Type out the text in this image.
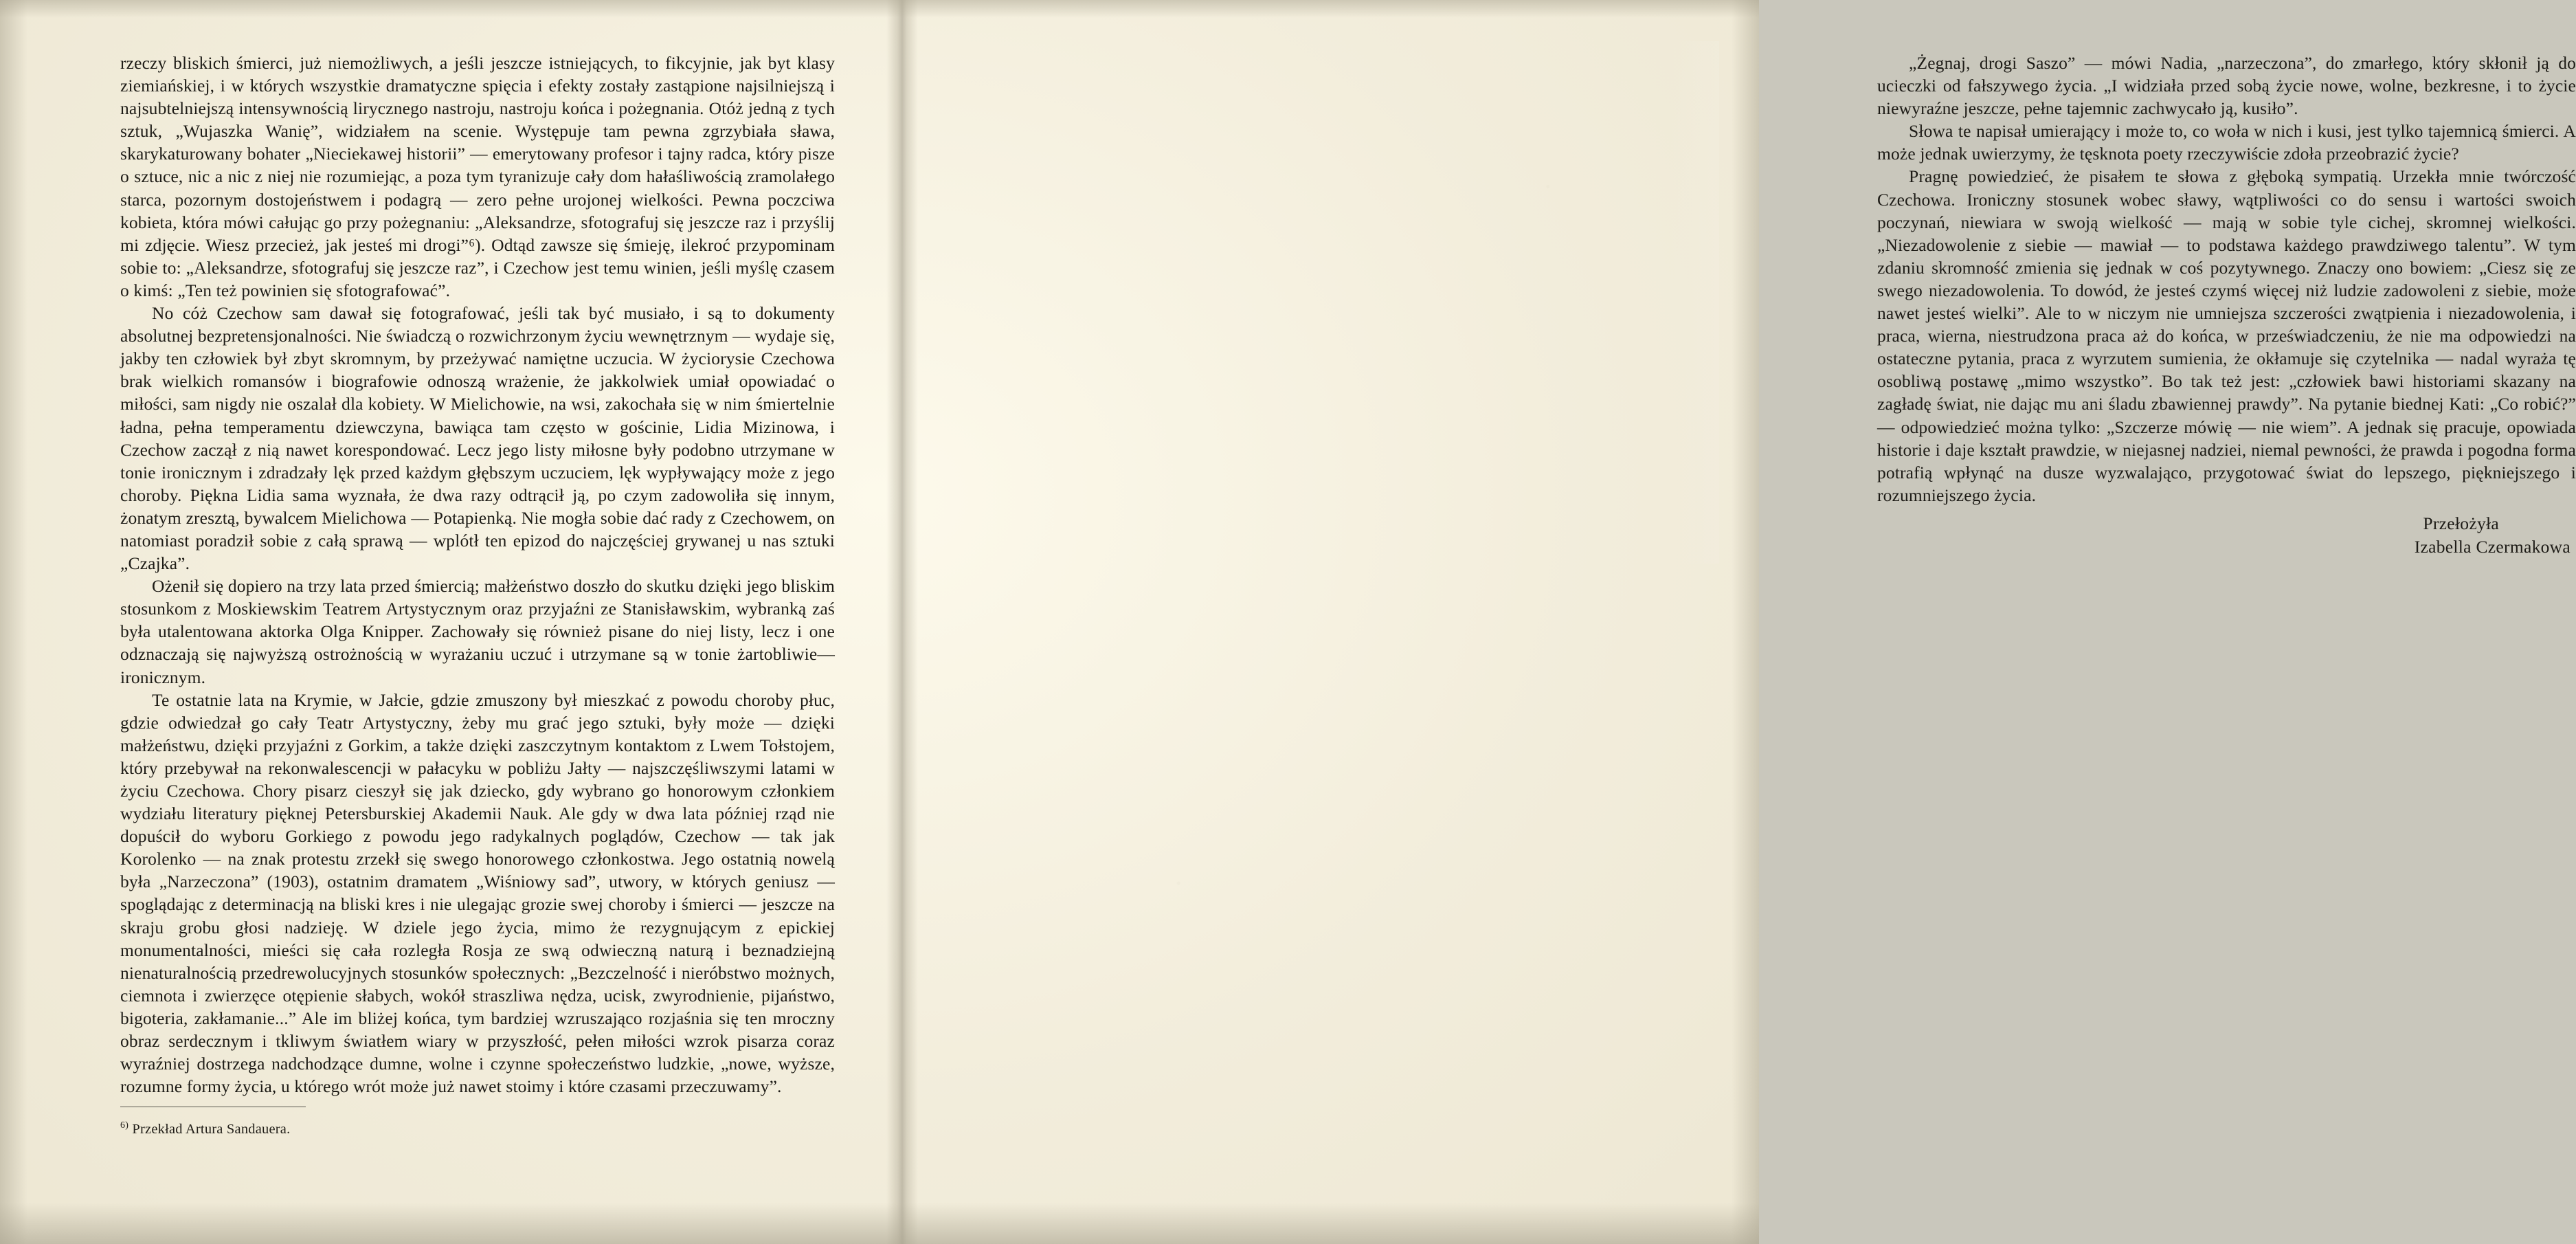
rzeczy bliskich śmierci, już niemożliwych, a jeśli jeszcze istniejących, to fikcyjnie, jak byt klasy ziemiańskiej, i w których wszystkie dramatyczne spięcia i efekty zostały zastąpione najsilniejszą i najsubtelniejszą intensywnością lirycznego nastroju, nastroju końca i pożegnania. Otóż jedną z tych sztuk, „Wujaszka Wanię”, widziałem na scenie. Występuje tam pewna zgrzybiała sława, skarykaturowany bohater „Nieciekawej historii” — emerytowany profesor i tajny radca, który pisze o sztuce, nic a nic z niej nie rozumiejąc, a poza tym tyranizuje cały dom hałaśliwością zramolałego starca, pozornym dostojeństwem i podagrą — zero pełne urojonej wielkości. Pewna poczciwa kobieta, która mówi całując go przy pożegnaniu: „Aleksandrze, sfotografuj się jeszcze raz i przyślij mi zdjęcie. Wiesz przecież, jak jesteś mi drogi”⁶). Odtąd zawsze się śmieję, ilekroć przypominam sobie to: „Aleksandrze, sfotografuj się jeszcze raz”, i Czechow jest temu winien, jeśli myślę czasem o kimś: „Ten też powinien się sfotografować”.

No cóż Czechow sam dawał się fotografować, jeśli tak być musiało, i są to dokumenty absolutnej bezpretensjonalności. Nie świadczą o rozwichrzonym życiu wewnętrznym — wydaje się, jakby ten człowiek był zbyt skromnym, by przeżywać namiętne uczucia. W życiorysie Czechowa brak wielkich romansów i biografowie odnoszą wrażenie, że jakkolwiek umiał opowiadać o miłości, sam nigdy nie oszalał dla kobiety. W Mielichowie, na wsi, zakochała się w nim śmiertelnie ładna, pełna temperamentu dziewczyna, bawiąca tam często w gościnie, Lidia Mizinowa, i Czechow zaczął z nią nawet korespondować. Lecz jego listy miłosne były podobno utrzymane w tonie ironicznym i zdradzały lęk przed każdym głębszym uczuciem, lęk wypływający może z jego choroby. Piękna Lidia sama wyznała, że dwa razy odtrącił ją, po czym zadowoliła się innym, żonatym zresztą, bywalcem Mielichowa — Potapienką. Nie mogła sobie dać rady z Czechowem, on natomiast poradził sobie z całą sprawą — wplótł ten epizod do najczęściej grywanej u nas sztuki „Czajka”.

Ożenił się dopiero na trzy lata przed śmiercią; małżeństwo doszło do skutku dzięki jego bliskim stosunkom z Moskiewskim Teatrem Artystycznym oraz przyjaźni ze Stanisławskim, wybranką zaś była utalentowana aktorka Olga Knipper. Zachowały się również pisane do niej listy, lecz i one odznaczają się najwyższą ostrożnością w wyrażaniu uczuć i utrzymane są w tonie żartobliwie—ironicznym.

Te ostatnie lata na Krymie, w Jałcie, gdzie zmuszony był mieszkać z powodu choroby płuc, gdzie odwiedzał go cały Teatr Artystyczny, żeby mu grać jego sztuki, były może — dzięki małżeństwu, dzięki przyjaźni z Gorkim, a także dzięki zaszczytnym kontaktom z Lwem Tołstojem, który przebywał na rekonwalescencji w pałacyku w pobliżu Jałty — najszczęśliwszymi latami w życiu Czechowa. Chory pisarz cieszył się jak dziecko, gdy wybrano go honorowym członkiem wydziału literatury pięknej Petersburskiej Akademii Nauk. Ale gdy w dwa lata później rząd nie dopuścił do wyboru Gorkiego z powodu jego radykalnych poglądów, Czechow — tak jak Korolenko — na znak protestu zrzekł się swego honorowego członkostwa. Jego ostatnią nowelą była „Narzeczona” (1903), ostatnim dramatem „Wiśniowy sad”, utwory, w których geniusz — spoglądając z determinacją na bliski kres i nie ulegając grozie swej choroby i śmierci — jeszcze na skraju grobu głosi nadzieję. W dziele jego życia, mimo że rezygnującym z epickiej monumentalności, mieści się cała rozległa Rosja ze swą odwieczną naturą i beznadziejną nienaturalnością przedrewolucyjnych stosunków społecznych: „Bezczelność i nieróbstwo możnych, ciemnota i zwierzęce otępienie słabych, wokół straszliwa nędza, ucisk, zwyrodnienie, pijaństwo, bigoteria, zakłamanie...” Ale im bliżej końca, tym bardziej wzruszająco rozjaśnia się ten mroczny obraz serdecznym i tkliwym światłem wiary w przyszłość, pełen miłości wzrok pisarza coraz wyraźniej dostrzega nadchodzące dumne, wolne i czynne społeczeństwo ludzkie, „nowe, wyższe, rozumne formy życia, u którego wrót może już nawet stoimy i które czasami przeczuwamy”.

$^{6)}$ Przekład Artura Sandauera.

„Żegnaj, drogi Saszo” — mówi Nadia, „narzeczona”, do zmarłego, który skłonił ją do ucieczki od fałszywego życia. „I widziała przed sobą życie nowe, wolne, bezkresne, i to życie niewyraźne jeszcze, pełne tajemnic zachwycało ją, kusiło”.

Słowa te napisał umierający i może to, co woła w nich i kusi, jest tylko tajemnicą śmierci. A może jednak uwierzymy, że tęsknota poety rzeczywiście zdoła przeobrazić życie?

Pragnę powiedzieć, że pisałem te słowa z głęboką sympatią. Urzekła mnie twórczość Czechowa. Ironiczny stosunek wobec sławy, wątpliwości co do sensu i wartości swoich poczynań, niewiara w swoją wielkość — mają w sobie tyle cichej, skromnej wielkości. „Niezadowolenie z siebie — mawiał — to podstawa każdego prawdziwego talentu”. W tym zdaniu skromność zmienia się jednak w coś pozytywnego. Znaczy ono bowiem: „Ciesz się ze swego niezadowolenia. To dowód, że jesteś czymś więcej niż ludzie zadowoleni z siebie, może nawet jesteś wielki”. Ale to w niczym nie umniejsza szczerości zwątpienia i niezadowolenia, i praca, wierna, niestrudzona praca aż do końca, w przeświadczeniu, że nie ma odpowiedzi na ostateczne pytania, praca z wyrzutem sumienia, że okłamuje się czytelnika — nadal wyraża tę osobliwą postawę „mimo wszystko”. Bo tak też jest: „człowiek bawi historiami skazany na zagładę świat, nie dając mu ani śladu zbawiennej prawdy”. Na pytanie biednej Kati: „Co robić?” — odpowiedzieć można tylko: „Szczerze mówię — nie wiem”. A jednak się pracuje, opowiada historie i daje kształt prawdzie, w niejasnej nadziei, niemal pewności, że prawda i pogodna forma potrafią wpłynąć na dusze wyzwalająco, przygotować świat do lepszego, piękniejszego i rozumniejszego życia.

Przełożyła
Izabella Czermakowa
